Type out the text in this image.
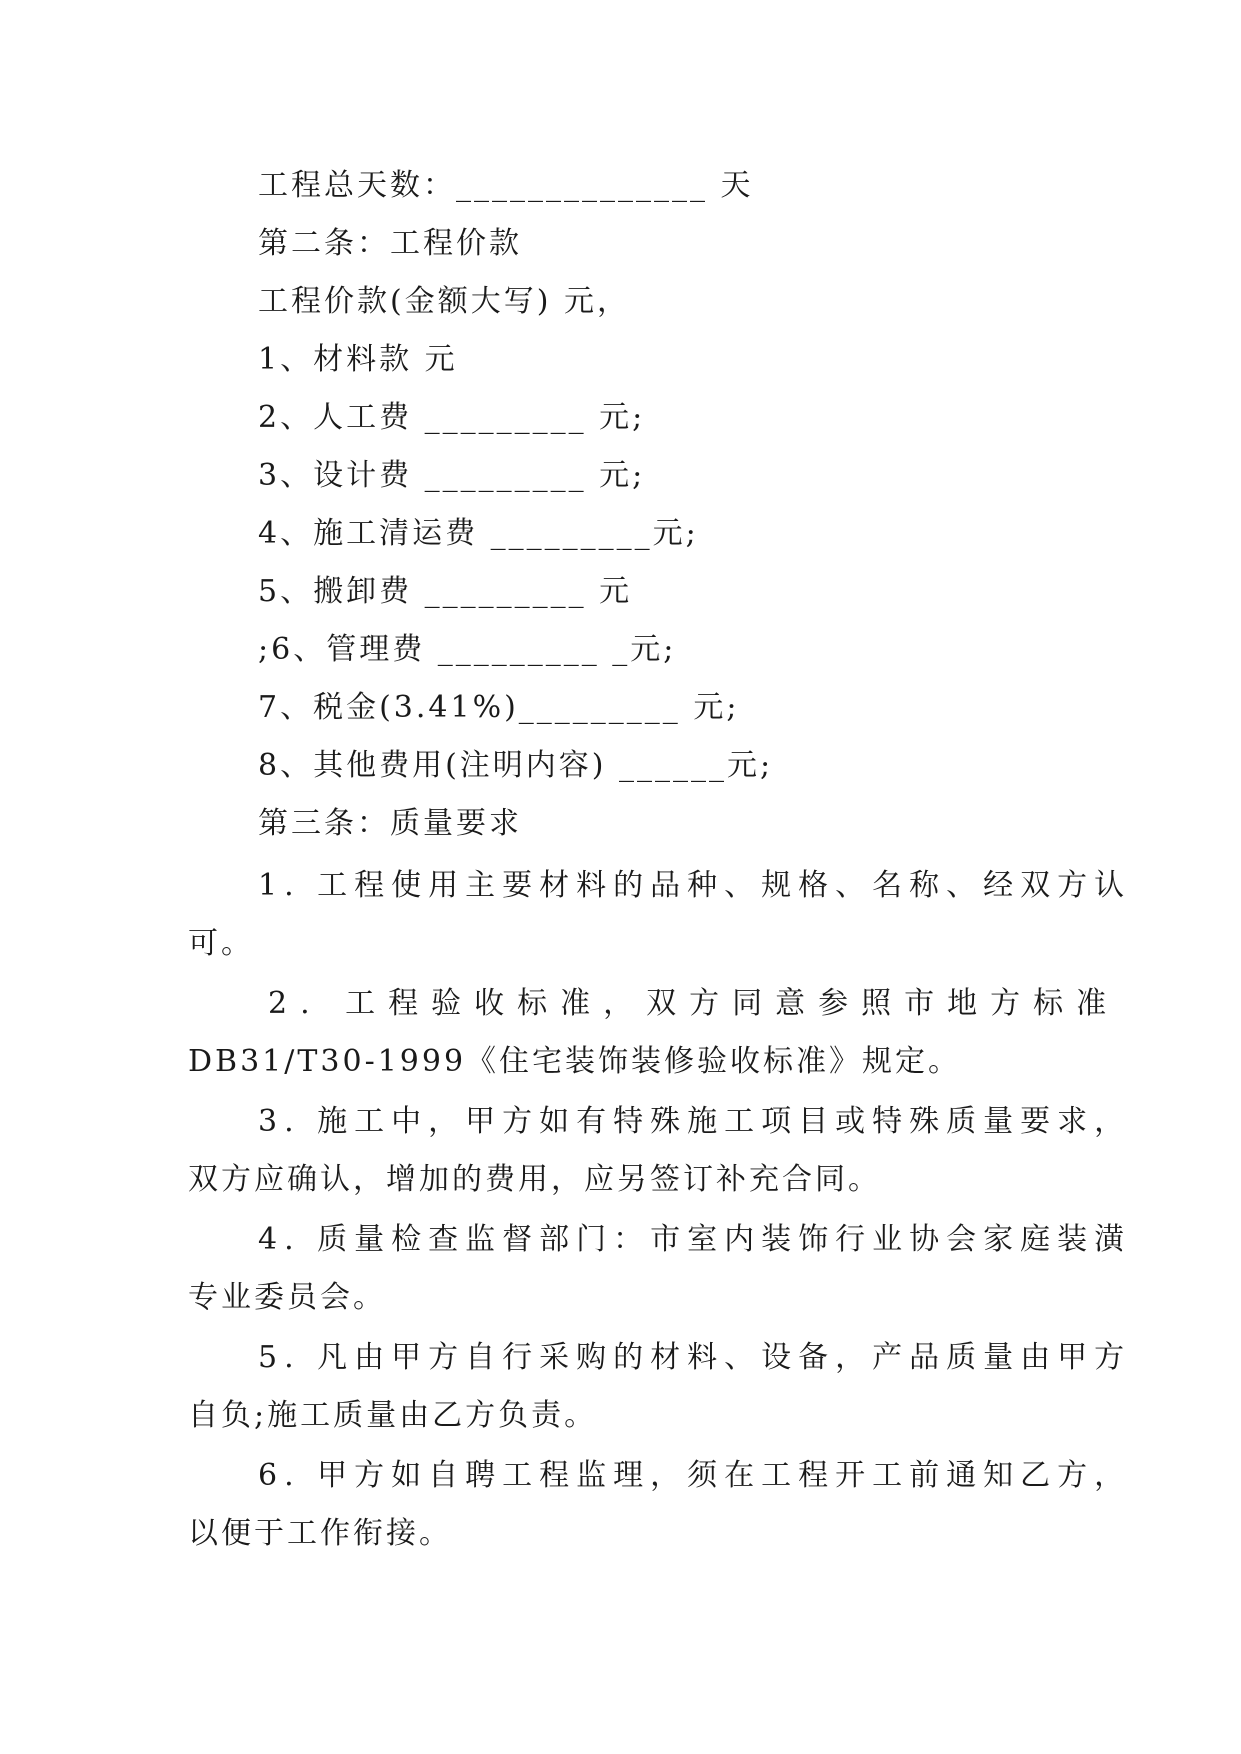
工程总天数：______________ 天
第二条：工程价款
工程价款(金额大写) 元，
1、材料款 元
2、人工费 _________ 元;
3、设计费 _________ 元;
4、施工清运费 _________元;
5、搬卸费 _________ 元
;6、管理费 _________ _元;
7、税金(3.41%)_________ 元;
8、其他费用(注明内容) ______元;
第三条：质量要求
1. 工程使用主要材料的品种、规格、名称、经双方认
可。
2. 工程验收标准，双方同意参照市地方标准
DB31/T30-1999《住宅装饰装修验收标准》规定。
3. 施工中，甲方如有特殊施工项目或特殊质量要求，
双方应确认，增加的费用，应另签订补充合同。
4. 质量检查监督部门：市室内装饰行业协会家庭装潢
专业委员会。
5. 凡由甲方自行采购的材料、设备，产品质量由甲方
自负;施工质量由乙方负责。
6. 甲方如自聘工程监理，须在工程开工前通知乙方，
以便于工作衔接。
